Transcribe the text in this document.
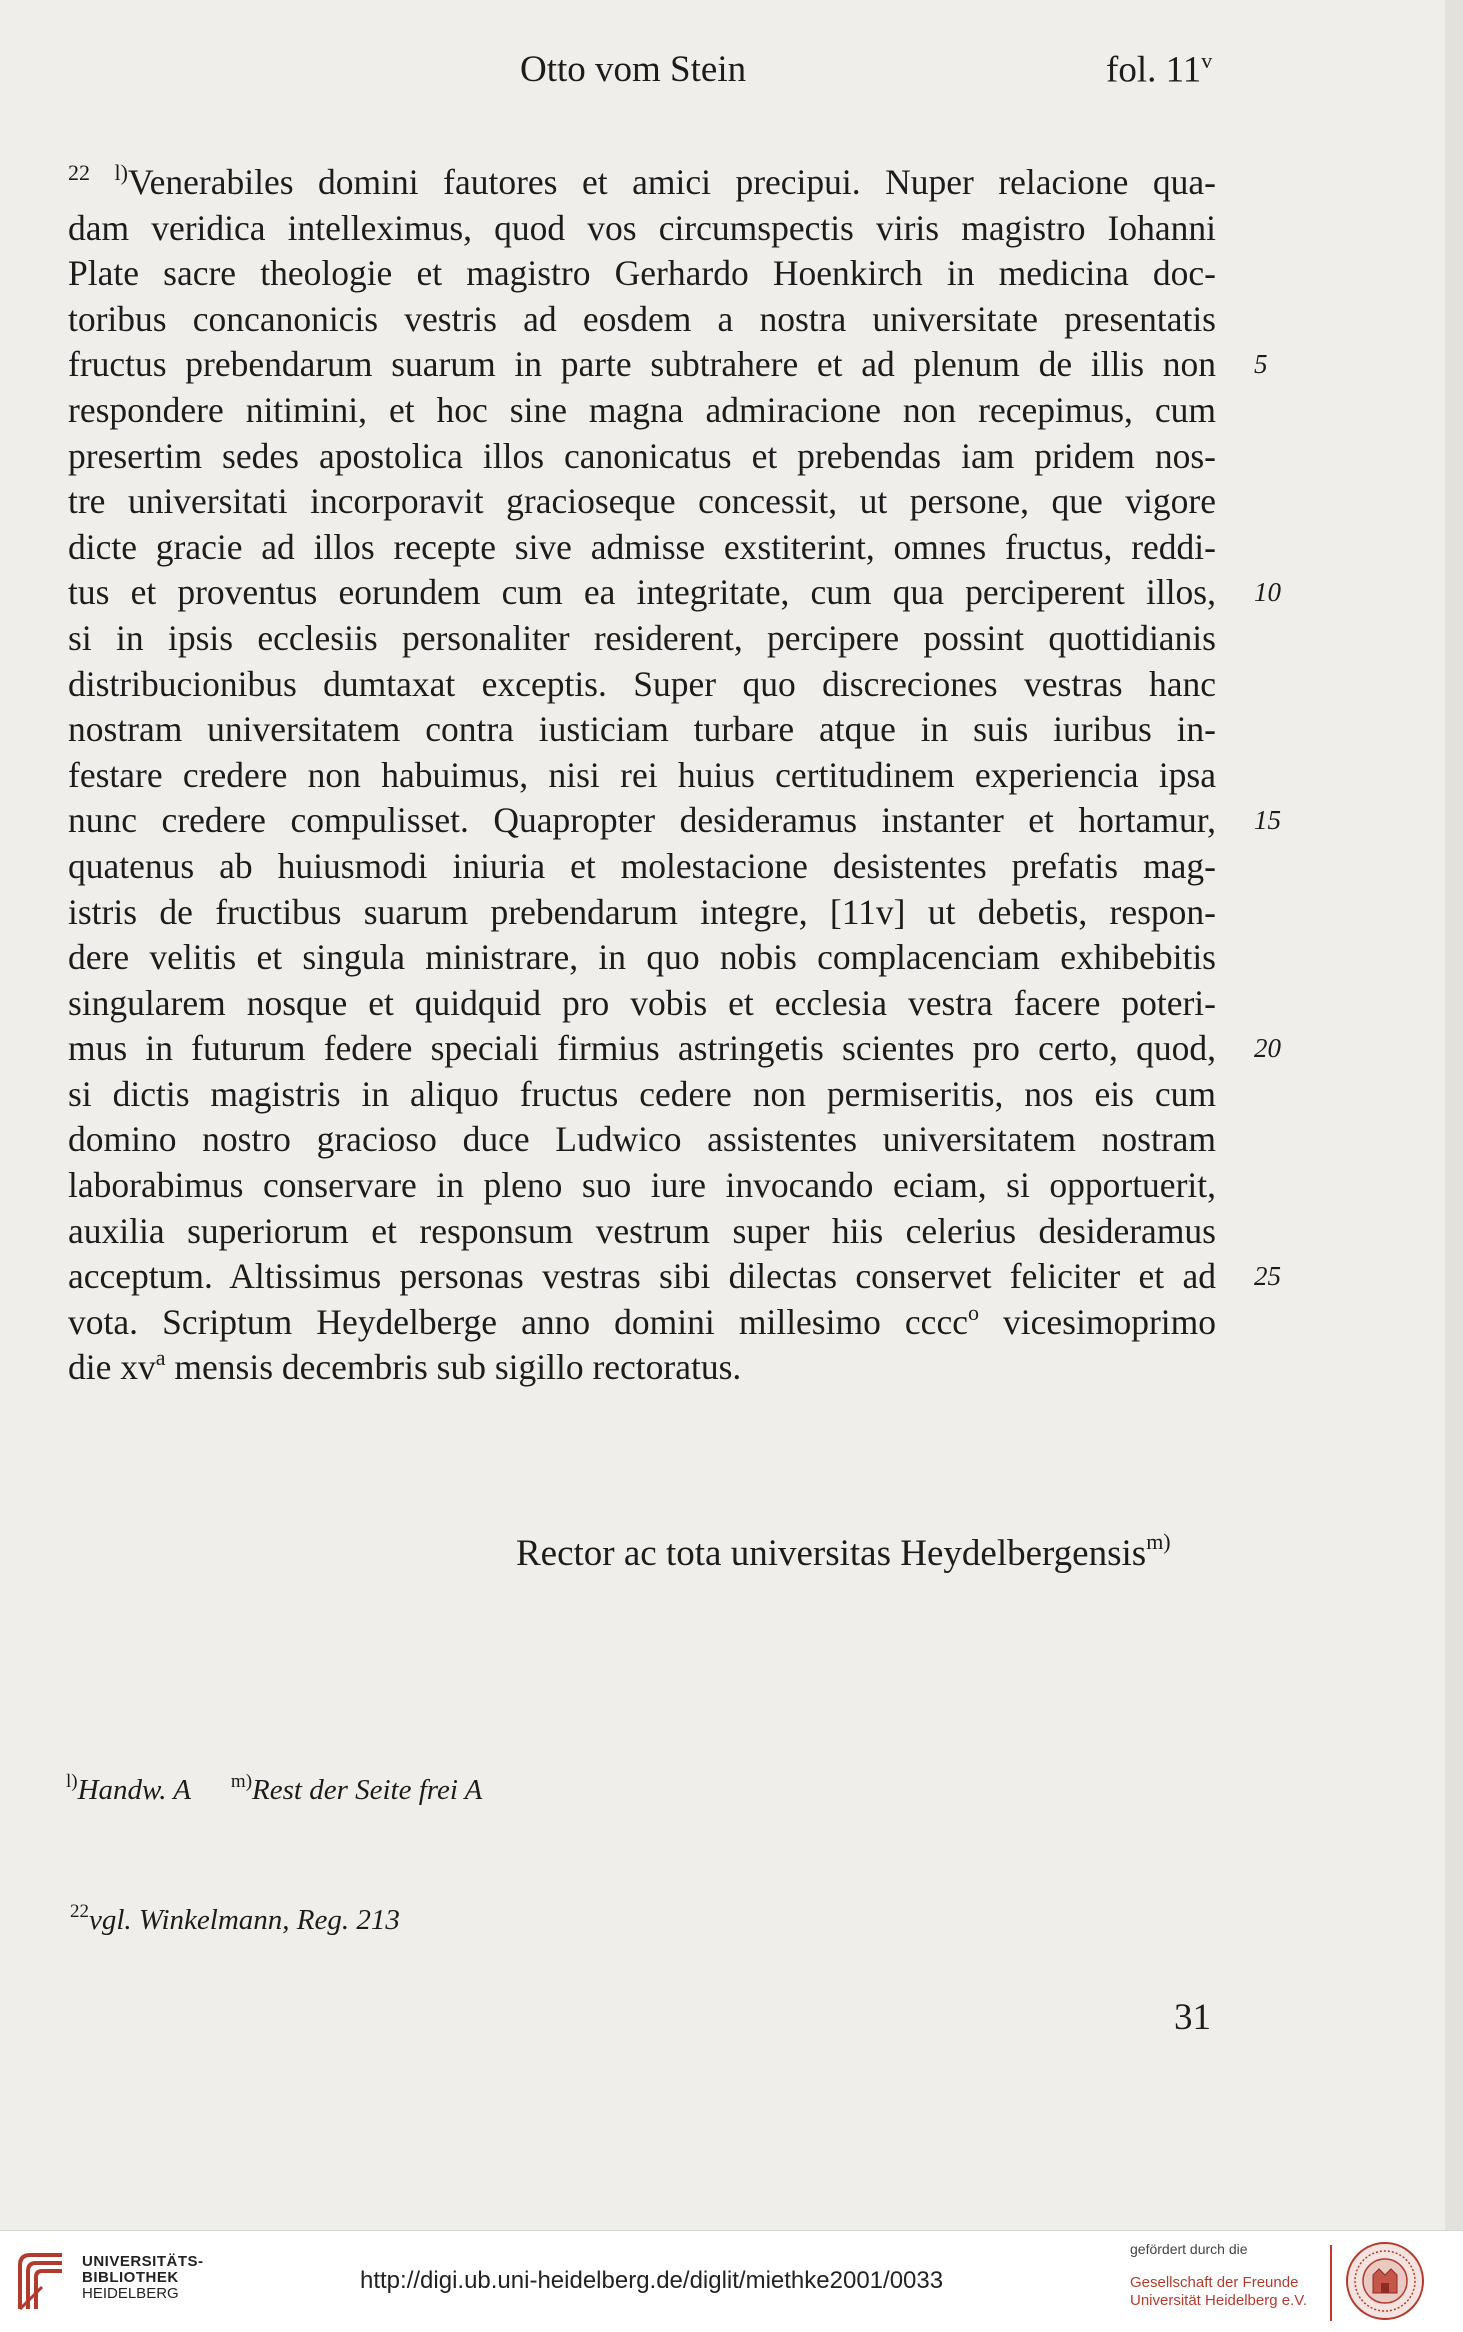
Otto vom Stein	fol. 11$^v$
$^{22}$ $^{l)}$Venerabiles domini fautores et amici precipui. Nuper relacione qua-
dam veridica intelleximus, quod vos circumspectis viris magistro Iohanni
Plate sacre theologie et magistro Gerhardo Hoenkirch in medicina doc-
toribus concanonicis vestris ad eosdem a nostra universitate presentatis
fructus prebendarum suarum in parte subtrahere et ad plenum de illis non 5
respondere nitimini, et hoc sine magna admiracione non recepimus, cum
presertim sedes apostolica illos canonicatus et prebendas iam pridem nos-
tre universitati incorporavit gracioseque concessit, ut persone, que vigore
dicte gracie ad illos recepte sive admisse exstiterint, omnes fructus, reddi-
tus et proventus eorundem cum ea integritate, cum qua perciperent illos, 10
si in ipsis ecclesiis personaliter residerent, percipere possint quottidianis
distribucionibus dumtaxat exceptis. Super quo discreciones vestras hanc
nostram universitatem contra iusticiam turbare atque in suis iuribus in-
festare credere non habuimus, nisi rei huius certitudinem experiencia ipsa
nunc credere compulisset. Quapropter desideramus instanter et hortamur, 15
quatenus ab huiusmodi iniuria et molestacione desistentes prefatis mag-
istris de fructibus suarum prebendarum integre, [11v] ut debetis, respon-
dere velitis et singula ministrare, in quo nobis complacenciam exhibebitis
singularem nosque et quidquid pro vobis et ecclesia vestra facere poteri-
mus in futurum federe speciali firmius astringetis scientes pro certo, quod, 20
si dictis magistris in aliquo fructus cedere non permiseritis, nos eis cum
domino nostro gracioso duce Ludwico assistentes universitatem nostram
laborabimus conservare in pleno suo iure invocando eciam, si opportuerit,
auxilia superiorum et responsum vestrum super hiis celerius desideramus
acceptum. Altissimus personas vestras sibi dilectas conservet feliciter et ad 25
vota. Scriptum Heydelberge anno domini millesimo cccc$^o$ vicesimoprimo
die $xv^a$ mensis decembris sub sigillo rectoratus.
Rector ac tota universitas Heydelbergensis$^{m)}$
$^{l)}$Handw. A $^{m)}$Rest der Seite frei A
$^{22}$vgl. Winkelmann, Reg. 213
31
UNIVERSITÄTS-
BIBLIOTHEK
HEIDELBERG	http://digi.ub.uni-heidelberg.de/diglit/miethke2001/0033
gefördert durch die
Gesellschaft der Freunde
Universität Heidelberg e.V.
